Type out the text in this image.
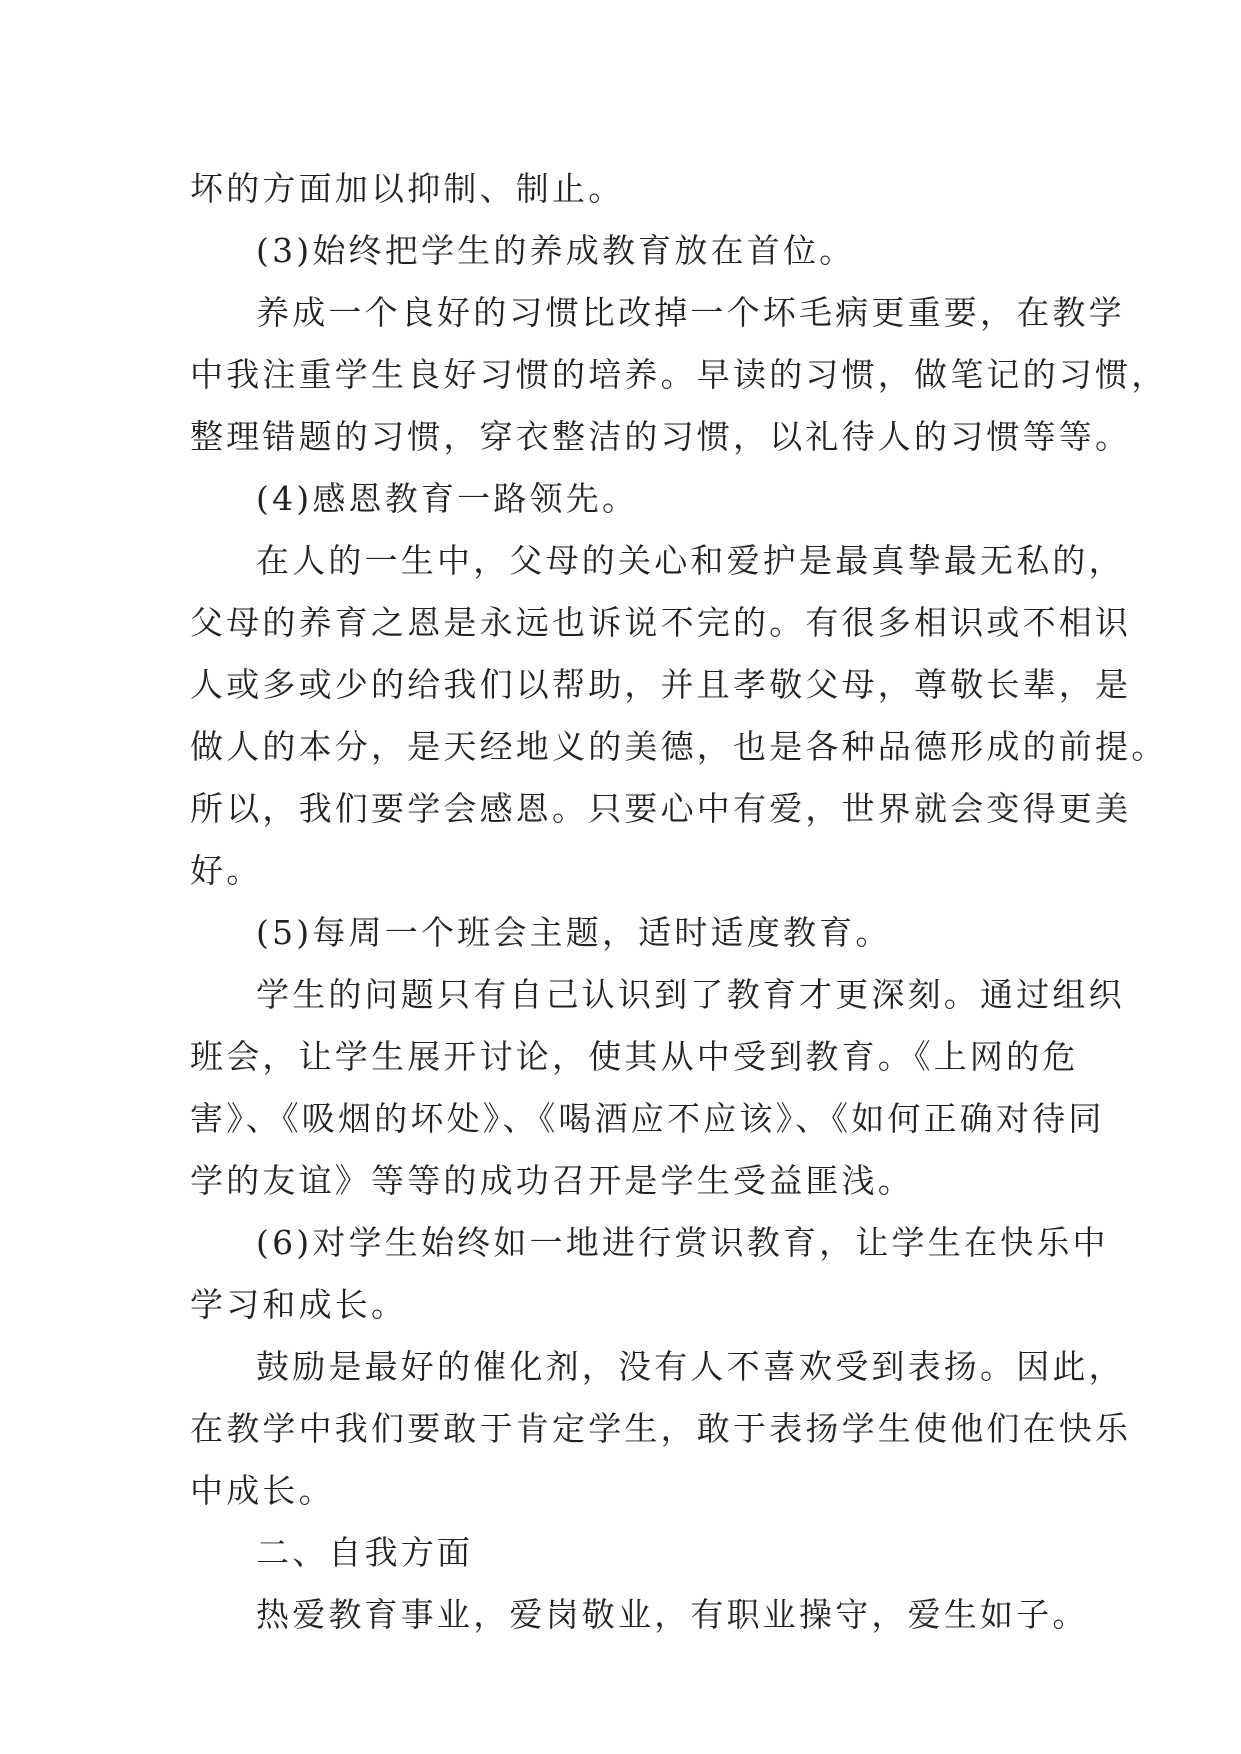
坏的方面加以抑制、制止。
(3)始终把学生的养成教育放在首位。
养成一个良好的习惯比改掉一个坏毛病更重要，在教学
中我注重学生良好习惯的培养。早读的习惯，做笔记的习惯，
整理错题的习惯，穿衣整洁的习惯，以礼待人的习惯等等。
(4)感恩教育一路领先。
在人的一生中，父母的关心和爱护是最真挚最无私的，
父母的养育之恩是永远也诉说不完的。有很多相识或不相识
人或多或少的给我们以帮助，并且孝敬父母，尊敬长辈，是
做人的本分，是天经地义的美德，也是各种品德形成的前提。
所以，我们要学会感恩。只要心中有爱，世界就会变得更美
好。
(5)每周一个班会主题，适时适度教育。
学生的问题只有自己认识到了教育才更深刻。通过组织
班会，让学生展开讨论，使其从中受到教育。《上网的危
害》、《吸烟的坏处》、《喝酒应不应该》、《如何正确对待同
学的友谊》等等的成功召开是学生受益匪浅。
(6)对学生始终如一地进行赏识教育，让学生在快乐中
学习和成长。
鼓励是最好的催化剂，没有人不喜欢受到表扬。因此，
在教学中我们要敢于肯定学生，敢于表扬学生使他们在快乐
中成长。
二、自我方面
热爱教育事业，爱岗敬业，有职业操守，爱生如子。
